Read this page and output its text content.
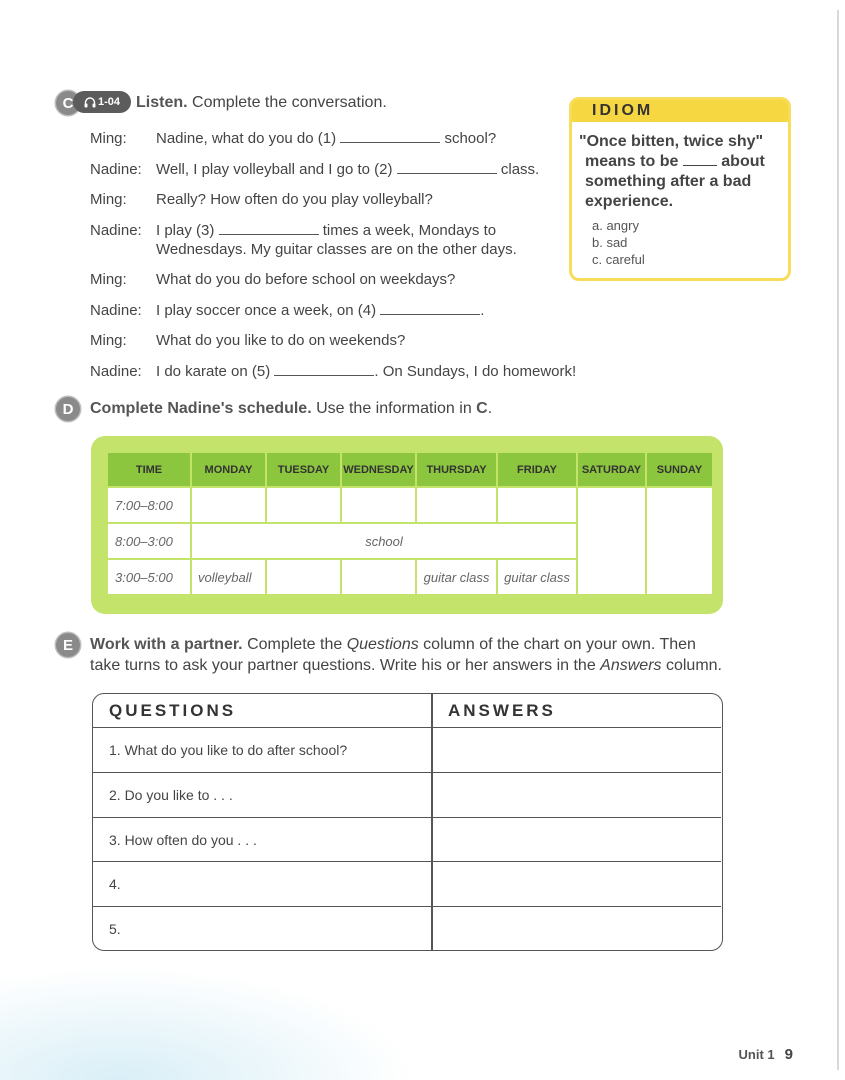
C	1-04 Listen. Complete the conversation.
Ming: Nadine, what do you do (1)	school?
Nadine: Well, I play volleyball and I go to (2)	class.
Ming: Really? How often do you play volleyball?
Nadine: I play (3)	times a week, Mondays to
Wednesdays. My guitar classes are on the other days.
Ming: What do you do before school on weekdays?
Nadine: I play soccer once a week, on (4)	.
Ming: What do you like to do on weekends?
Nadine: I do karate on (5)	. On Sundays, I do homework!
IDIOM
"Once bitten, twice shy"
means to be	about
something after a bad
experience.
a. angry
b. sad
c. careful
D	Complete Nadine's schedule. Use the information in C.
TIME	MONDAY	TUESDAY	WEDNESDAY	THURSDAY	FRIDAY	SATURDAY	SUNDAY
7:00–8:00							
8:00–3:00	school						
3:00–5:00	volleyball			guitar class	guitar class		
E	Work with a partner. Complete the Questions column of the chart on your own. Then
take turns to ask your partner questions. Write his or her answers in the Answers column.
QUESTIONS	ANSWERS
1. What do you like to do after school?
2. Do you like to . . .
3. How often do you . . .
4.
5.
Unit 1 9
